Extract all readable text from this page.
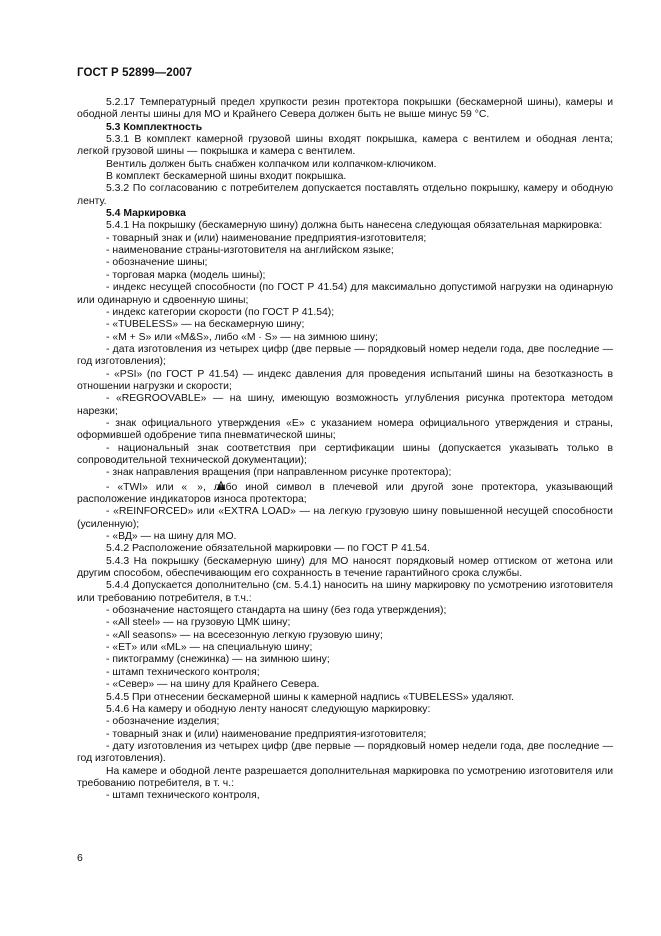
ГОСТ Р 52899—2007

5.2.17 Температурный предел хрупкости резин протектора покрышки (бескамерной шины), камеры и ободной ленты шины для МО и Крайнего Севера должен быть не выше минус 59 °С.

5.3 Комплектность

5.3.1 В комплект камерной грузовой шины входят покрышка, камера с вентилем и ободная лента; легкой грузовой шины — покрышка и камера с вентилем.

Вентиль должен быть снабжен колпачком или колпачком-ключиком.

В комплект бескамерной шины входит покрышка.

5.3.2 По согласованию с потребителем допускается поставлять отдельно покрышку, камеру и ободную ленту.

5.4 Маркировка

5.4.1 На покрышку (бескамерную шину) должна быть нанесена следующая обязательная маркировка:

- товарный знак и (или) наименование предприятия-изготовителя;

- наименование страны-изготовителя на английском языке;

- обозначение шины;

- торговая марка (модель шины);

- индекс несущей способности (по ГОСТ Р 41.54) для максимально допустимой нагрузки на одинарную или одинарную и сдвоенную шины;

- индекс категории скорости (по ГОСТ Р 41.54);

- «TUBELESS» — на бескамерную шину;

- «M + S» или «M&S», либо «M · S» — на зимнюю шину;

- дата изготовления из четырех цифр (две первые — порядковый номер недели года, две последние — год изготовления);

- «PSI» (по ГОСТ Р 41.54) — индекс давления для проведения испытаний шины на безотказность в отношении нагрузки и скорости;

- «REGROOVABLE» — на шину, имеющую возможность углубления рисунка протектора методом нарезки;

- знак официального утверждения «Е» с указанием номера официального утверждения и страны, оформившей одобрение типа пневматической шины;

- национальный знак соответствия при сертификации шины (допускается указывать только в сопроводительной технической документации);

- знак направления вращения (при направленном рисунке протектора);

- «TWI» или « », либо иной символ в плечевой или другой зоне протектора, указывающий расположение индикаторов износа протектора;

- «REINFORCED» или «EXTRA LOAD» — на легкую грузовую шину повышенной несущей способности (усиленную);

- «ВД» — на шину для МО.

5.4.2 Расположение обязательной маркировки — по ГОСТ Р 41.54.

5.4.3 На покрышку (бескамерную шину) для МО наносят порядковый номер оттиском от жетона или другим способом, обеспечивающим его сохранность в течение гарантийного срока службы.

5.4.4 Допускается дополнительно (см. 5.4.1) наносить на шину маркировку по усмотрению изготовителя или требованию потребителя, в т.ч.:

- обозначение настоящего стандарта на шину (без года утверждения);

- «All steel» — на грузовую ЦМК шину;

- «All seasons» — на всесезонную легкую грузовую шину;

- «ET» или «ML» — на специальную шину;

- пиктограмму (снежинка) — на зимнюю шину;

- штамп технического контроля;

- «Север» — на шину для Крайнего Севера.

5.4.5 При отнесении бескамерной шины к камерной надпись «TUBELESS» удаляют.

5.4.6 На камеру и ободную ленту наносят следующую маркировку:

- обозначение изделия;

- товарный знак и (или) наименование предприятия-изготовителя;

- дату изготовления из четырех цифр (две первые — порядковый номер недели года, две последние — год изготовления).

На камере и ободной ленте разрешается дополнительная маркировка по усмотрению изготовителя или требованию потребителя, в т. ч.:

- штамп технического контроля,

6
